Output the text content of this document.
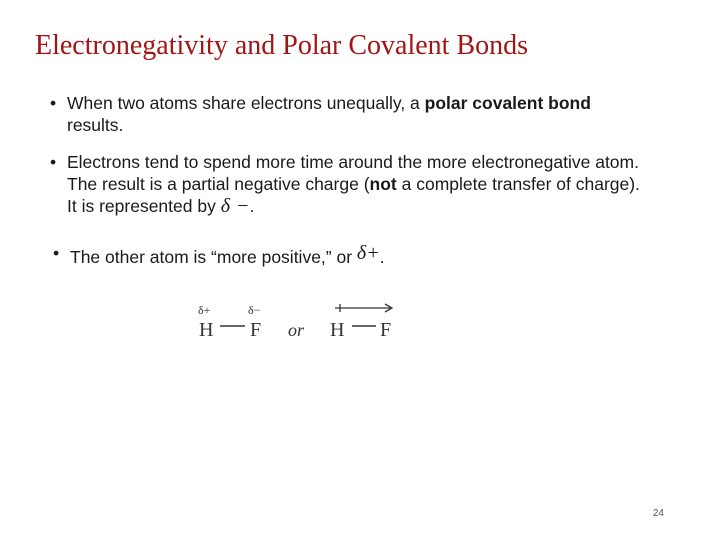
Electronegativity and Polar Covalent Bonds
• When two atoms share electrons unequally, a polar covalent bond results.
• Electrons tend to spend more time around the more electronegative atom. The result is a partial negative charge (not a complete transfer of charge). It is represented by δ −.
• The other atom is “more positive,” or δ+.
δ+	δ−
H F or H F
24
